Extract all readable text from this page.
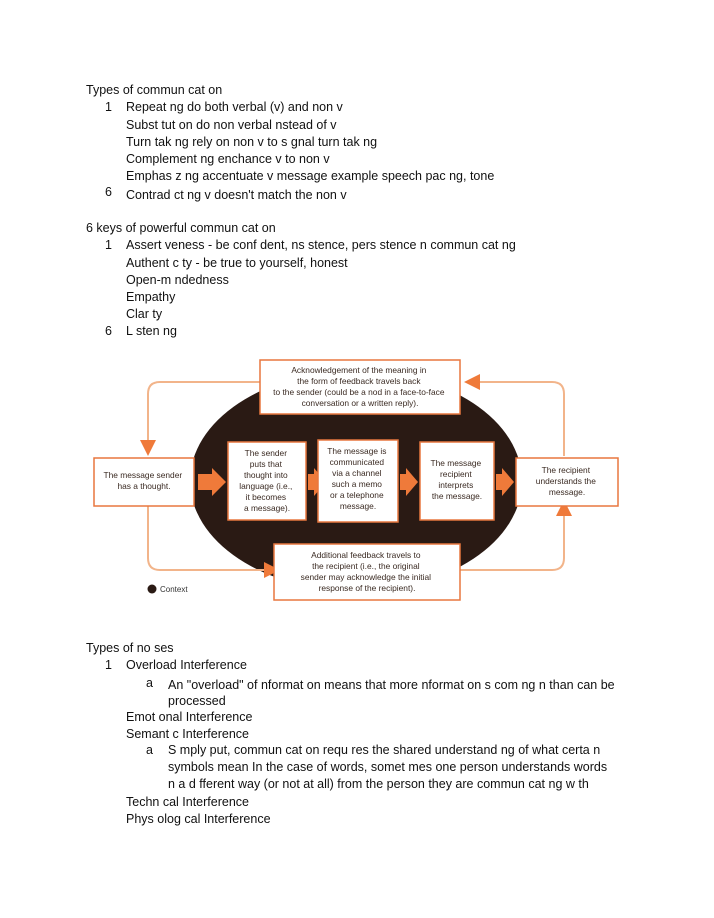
Types of commun cat on
1 Repeat ng do both verbal (v) and non v
Subst tut on do non verbal nstead of v
Turn tak ng rely on non v to s gnal turn tak ng
Complement ng enchance v to non v
Emphas z ng accentuate v message example speech pac ng, tone
6 Contrad ct ng v doesn't match the non v
6 keys of powerful commun cat on
1 Assert veness - be conf dent, ns stence, pers stence n commun cat ng
Authent c ty - be true to yourself, honest
Open-m ndedness
Empathy
Clar ty
6 L sten ng
Acknowledgement of the meaning in the form of feedback travels back to the sender (could be a nod in a face-to-face conversation or a written reply).
The message sender has a thought.
The sender puts that thought into language (i.e., it becomes a message).
The message is communicated via a channel such a memo or a telephone message.
The message recipient interprets the message.
The recipient understands the message.
Additional feedback travels to the recipient (i.e., the original sender may acknowledge the initial response of the recipient).
Context
Types of no ses
1 Overload Interference
a An "overload" of nformat on means that more nformat on s com ng n than can be processed
Emot onal Interference
Semant c Interference
a S mply put, commun cat on requ res the shared understand ng of what certa n
symbols mean In the case of words, somet mes one person understands words
n a d fferent way (or not at all) from the person they are commun cat ng w th
Techn cal Interference
Phys olog cal Interference
